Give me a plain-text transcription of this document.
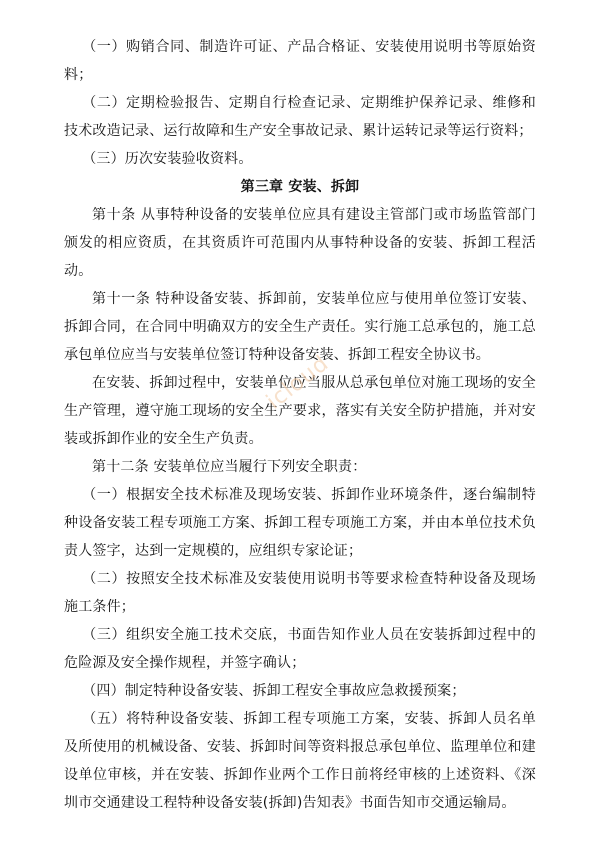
（一）购销合同、制造许可证、产品合格证、安装使用说明书等原始资料；

（二）定期检验报告、定期自行检查记录、定期维护保养记录、维修和技术改造记录、运行故障和生产安全事故记录、累计运转记录等运行资料；

（三）历次安装验收资料。

第三章 安装、拆卸

第十条 从事特种设备的安装单位应具有建设主管部门或市场监管部门颁发的相应资质，在其资质许可范围内从事特种设备的安装、拆卸工程活动。

第十一条 特种设备安装、拆卸前，安装单位应与使用单位签订安装、拆卸合同，在合同中明确双方的安全生产责任。实行施工总承包的，施工总承包单位应当与安装单位签订特种设备安装、拆卸工程安全协议书。

在安装、拆卸过程中，安装单位应当服从总承包单位对施工现场的安全生产管理，遵守施工现场的安全生产要求，落实有关安全防护措施，并对安装或拆卸作业的安全生产负责。

第十二条 安装单位应当履行下列安全职责：

（一）根据安全技术标准及现场安装、拆卸作业环境条件，逐台编制特种设备安装工程专项施工方案、拆卸工程专项施工方案，并由本单位技术负责人签字，达到一定规模的，应组织专家论证；

（二）按照安全技术标准及安装使用说明书等要求检查特种设备及现场施工条件；

（三）组织安全施工技术交底，书面告知作业人员在安装拆卸过程中的危险源及安全操作规程，并签字确认；

（四）制定特种设备安装、拆卸工程安全事故应急救援预案；

（五）将特种设备安装、拆卸工程专项施工方案，安装、拆卸人员名单及所使用的机械设备、安装、拆卸时间等资料报总承包单位、监理单位和建设单位审核，并在安装、拆卸作业两个工作日前将经审核的上述资料、《深圳市交通建设工程特种设备安装(拆卸)告知表》书面告知市交通运输局。

icloud
